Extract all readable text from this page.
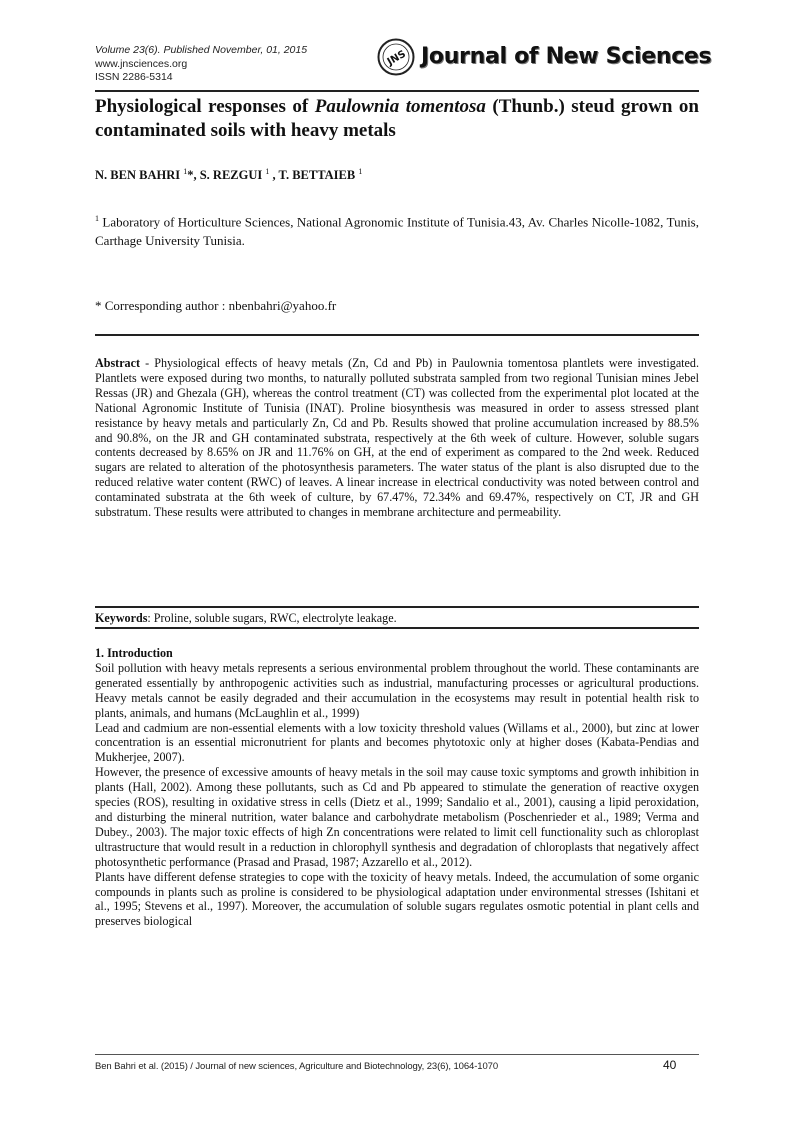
Volume 23(6). Published November, 01, 2015
www.jnsciences.org
ISSN 2286-5314
JNS Journal of New Sciences
Physiological responses of Paulownia tomentosa (Thunb.) steud grown on contaminated soils with heavy metals
N. BEN BAHRI $^1$*, S. REZGUI $^1$ , T. BETTAIEB $^1$
$^1$ Laboratory of Horticulture Sciences, National Agronomic Institute of Tunisia.43, Av. Charles Nicolle-1082, Tunis, Carthage University Tunisia.
* Corresponding author : nbenbahri@yahoo.fr

Abstract - Physiological effects of heavy metals (Zn, Cd and Pb) in Paulownia tomentosa plantlets were investigated. Plantlets were exposed during two months, to naturally polluted substrata sampled from two regional Tunisian mines Jebel Ressas (JR) and Ghezala (GH), whereas the control treatment (CT) was collected from the experimental plot located at the National Agronomic Institute of Tunisia (INAT). Proline biosynthesis was measured in order to assess stressed plant resistance by heavy metals and particularly Zn, Cd and Pb. Results showed that proline accumulation increased by 88.5% and 90.8%, on the JR and GH contaminated substrata, respectively at the 6th week of culture. However, soluble sugars contents decreased by 8.65% on JR and 11.76% on GH, at the end of experiment as compared to the 2nd week. Reduced sugars are related to alteration of the photosynthesis parameters. The water status of the plant is also disrupted due to the reduced relative water content (RWC) of leaves. A linear increase in electrical conductivity was noted between control and contaminated substrata at the 6th week of culture, by 67.47%, 72.34% and 69.47%, respectively on CT, JR and GH substratum. These results were attributed to changes in membrane architecture and permeability.

Keywords: Proline, soluble sugars, RWC, electrolyte leakage.
1. Introduction

Soil pollution with heavy metals represents a serious environmental problem throughout the world. These contaminants are generated essentially by anthropogenic activities such as industrial, manufacturing processes or agricultural productions. Heavy metals cannot be easily degraded and their accumulation in the ecosystems may result in potential health risk to plants, animals, and humans (McLaughlin et al., 1999)

Lead and cadmium are non-essential elements with a low toxicity threshold values (Willams et al., 2000), but zinc at lower concentration is an essential micronutrient for plants and becomes phytotoxic only at higher doses (Kabata-Pendias and Mukherjee, 2007).

However, the presence of excessive amounts of heavy metals in the soil may cause toxic symptoms and growth inhibition in plants (Hall, 2002). Among these pollutants, such as Cd and Pb appeared to stimulate the generation of reactive oxygen species (ROS), resulting in oxidative stress in cells (Dietz et al., 1999; Sandalio et al., 2001), causing a lipid peroxidation, and disturbing the mineral nutrition, water balance and carbohydrate metabolism (Poschenrieder et al., 1989; Verma and Dubey., 2003). The major toxic effects of high Zn concentrations were related to limit cell functionality such as chloroplast ultrastructure that would result in a reduction in chlorophyll synthesis and degradation of chloroplasts that negatively affect photosynthetic performance (Prasad and Prasad, 1987; Azzarello et al., 2012).

Plants have different defense strategies to cope with the toxicity of heavy metals. Indeed, the accumulation of some organic compounds in plants such as proline is considered to be physiological adaptation under environmental stresses (Ishitani et al., 1995; Stevens et al., 1997). Moreover, the accumulation of soluble sugars regulates osmotic potential in plant cells and preserves biological

Ben Bahri et al. (2015) / Journal of new sciences, Agriculture and Biotechnology, 23(6), 1064-1070	40
